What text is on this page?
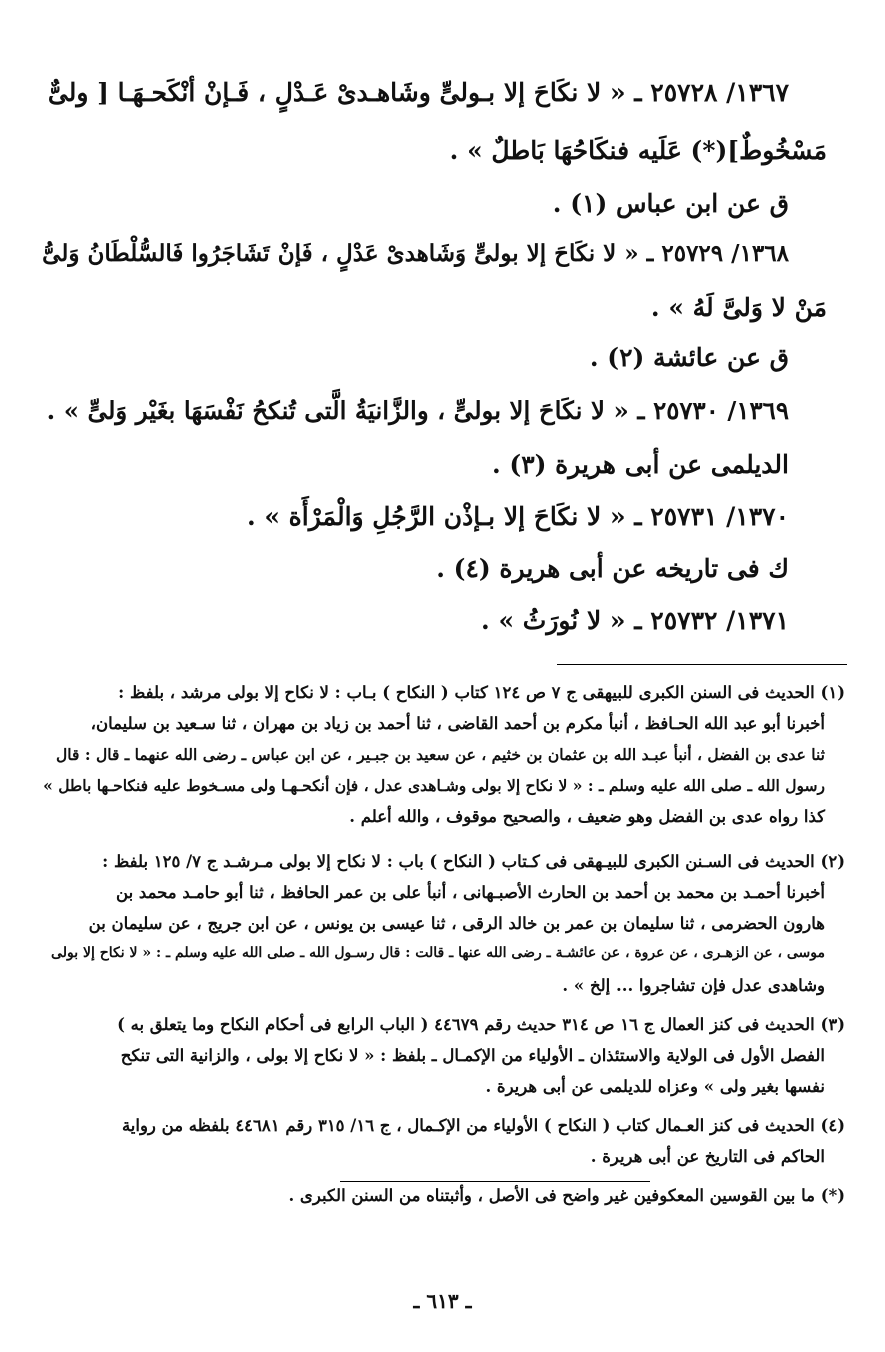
١٣٦٧/ ٢٥٧٢٨ ـ « لا نكَاحَ إلا بـولىٍّ وشَاهـدىْ عَـدْلٍ ، فَـإنْ أنْكَحـهَـا [ ولىٌّ
مَسْخُوطٌ](*) عَلَيه فنكَاحُهَا بَاطلٌ » .
ق عن ابن عباس (١) .
١٣٦٨/ ٢٥٧٢٩ ـ « لا نكَاحَ إلا بولىٍّ وَشَاهدىْ عَدْلٍ ، فَإنْ تَشَاجَرُوا فَالسُّلْطَانُ وَلىُّ
مَنْ لا وَلىَّ لَهُ » .
ق عن عائشة (٢) .
١٣٦٩/ ٢٥٧٣٠ ـ « لا نكَاحَ إلا بولىٍّ ، والزَّانيَةُ الَّتى تُنكحُ نَفْسَهَا بغَيْر وَلىٍّ » .
الديلمى عن أبى هريرة (٣) .
١٣٧٠/ ٢٥٧٣١ ـ « لا نكَاحَ إلا بـإذْن الرَّجُلِ وَالْمَرْأَة » .
ك فى تاريخه عن أبى هريرة (٤) .
١٣٧١/ ٢٥٧٣٢ ـ « لا نُورَثُ » .
(١) الحديث فى السنن الكبرى للبيهقى ج ٧ ص ١٢٤ كتاب ( النكاح ) بـاب : لا نكاح إلا بولى مرشد ، بلفظ :
أخبرنا أبو عبد الله الحـافظ ، أنبأ مكرم بن أحمد القاضى ، ثنا أحمد بن زياد بن مهران ، ثنا سـعيد بن سليمان،
ثنا عدى بن الفضل ، أنبأ عبـد الله بن عثمان بن خثيم ، عن سعيد بن جبـير ، عن ابن عباس ـ رضى الله عنهما ـ قال : قال
رسول الله ـ صلى الله عليه وسلم ـ : « لا نكاح إلا بولى وشـاهدى عدل ، فإن أنكحـهـا ولى مسـخوط عليه فنكاحـها باطل »
كذا رواه عدى بن الفضل وهو ضعيف ، والصحيح موقوف ، والله أعلم .
(٢) الحديث فى السـنن الكبرى للبيـهقى فى كـتاب ( النكاح ) باب : لا نكاح إلا بولى مـرشـد ج ٧/ ١٢٥ بلفظ :
أخبرنا أحمـد بن محمد بن أحمد بن الحارث الأصبـهانى ، أنبأ على بن عمر الحافظ ، ثنا أبو حامـد محمد بن
هارون الحضرمى ، ثنا سليمان بن عمر بن خالد الرقى ، ثنا عيسى بن يونس ، عن ابن جريج ، عن سليمان بن
موسى ، عن الزهـرى ، عن عروة ، عن عائشـة ـ رضى الله عنها ـ قالت : قال رسـول الله ـ صلى الله عليه وسلم ـ : « لا نكاح إلا بولى
وشاهدى عدل فإن تشاجروا ... إلخ » .
(٣) الحديث فى كنز العمال ج ١٦ ص ٣١٤ حديث رقم ٤٤٦٧٩ ( الباب الرابع فى أحكام النكاح وما يتعلق به )
الفصل الأول فى الولاية والاستئذان ـ الأولياء من الإكمـال ـ بلفظ : « لا نكاح إلا بولى ، والزانية التى تنكح
نفسها بغير ولى » وعزاه للديلمى عن أبى هريرة .
(٤) الحديث فى كنز العـمال كتاب ( النكاح ) الأولياء من الإكـمال ، ج ١٦/ ٣١٥ رقم ٤٤٦٨١ بلفظه من رواية
الحاكم فى التاريخ عن أبى هريرة .
(*) ما بين القوسين المعكوفين غير واضح فى الأصل ، وأثبتناه من السنن الكبرى .
ـ ٦١٣ ـ
